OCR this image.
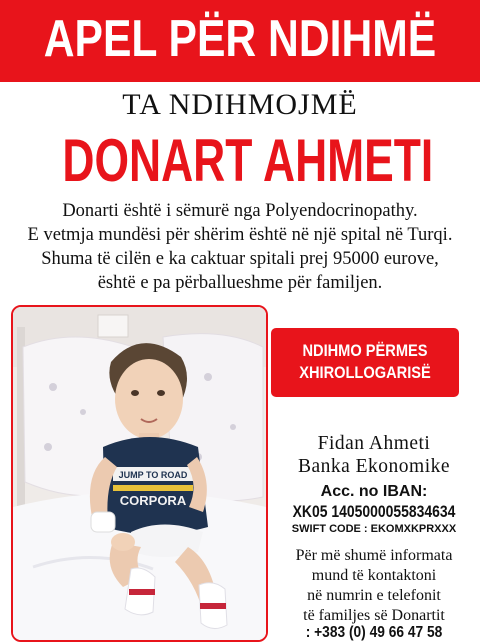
APEL PËR NDIHMË
TA NDIHMOJMË
DONART AHMETI
Donarti është i sëmurë nga Polyendocrinopathy.
E vetmja mundësi për shërim është në një spital në Turqi.
Shuma të cilën e ka caktuar spitali prej 95000 eurove,
është e pa përballueshme për familjen.
JUMP TO ROAD
CORPORA
NDIHMO PËRMES
XHIROLLOGARISË
Fidan Ahmeti
Banka Ekonomike
Acc. no IBAN:
XK05 1405000055834634
SWIFT CODE : EKOMXKPRXXX
Për më shumë informata
mund të kontaktoni
në numrin e telefonit
të familjes së Donartit
: +383 (0) 49 66 47 58
